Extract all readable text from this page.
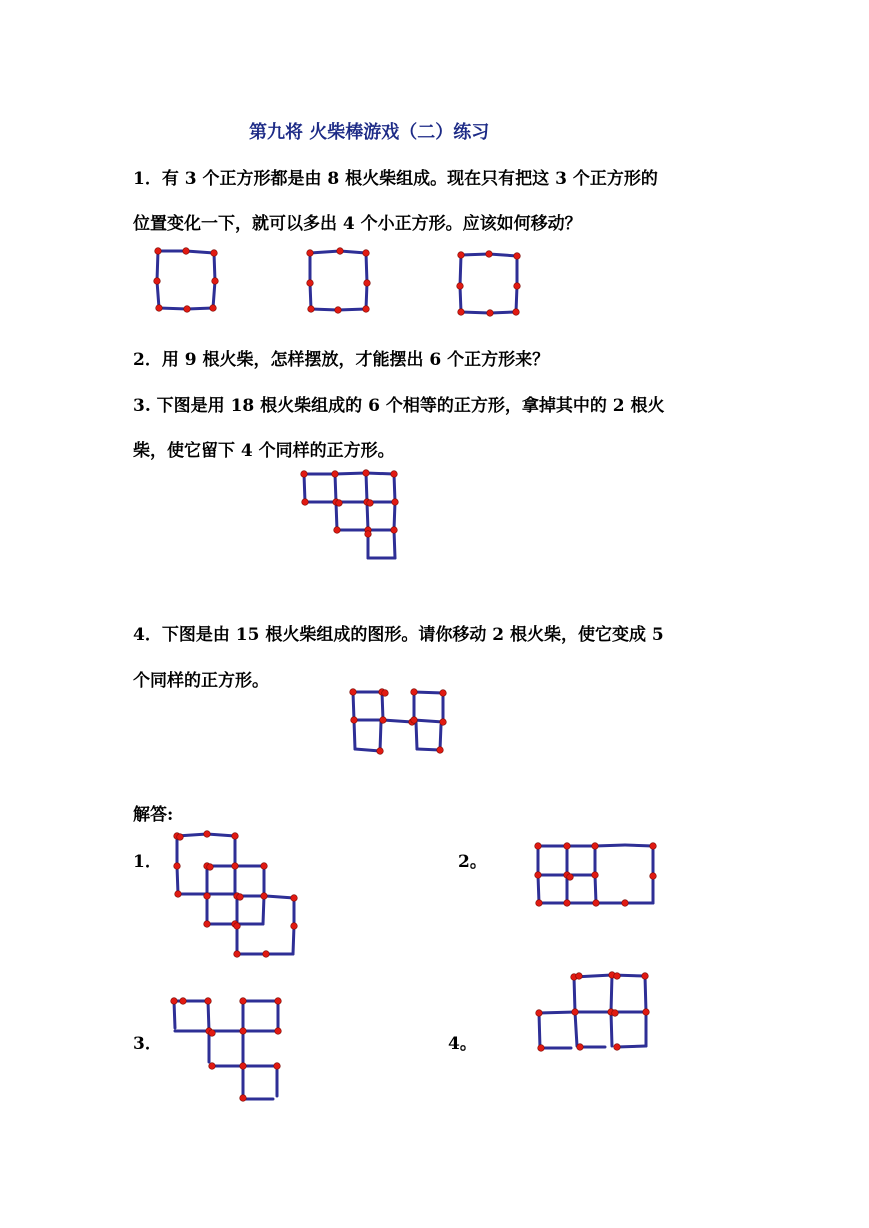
第九将 火柴棒游戏（二）练习
1．有 3 个正方形都是由 8 根火柴组成。现在只有把这 3 个正方形的
位置变化一下，就可以多出 4 个小正方形。应该如何移动？
2．用 9 根火柴，怎样摆放，才能摆出 6 个正方形来？
3. 下图是用 18 根火柴组成的 6 个相等的正方形，拿掉其中的 2 根火
柴，使它留下 4 个同样的正方形。
4．下图是由 15 根火柴组成的图形。请你移动 2 根火柴，使它变成 5
个同样的正方形。
解答:
1．	2。
3．	4。
